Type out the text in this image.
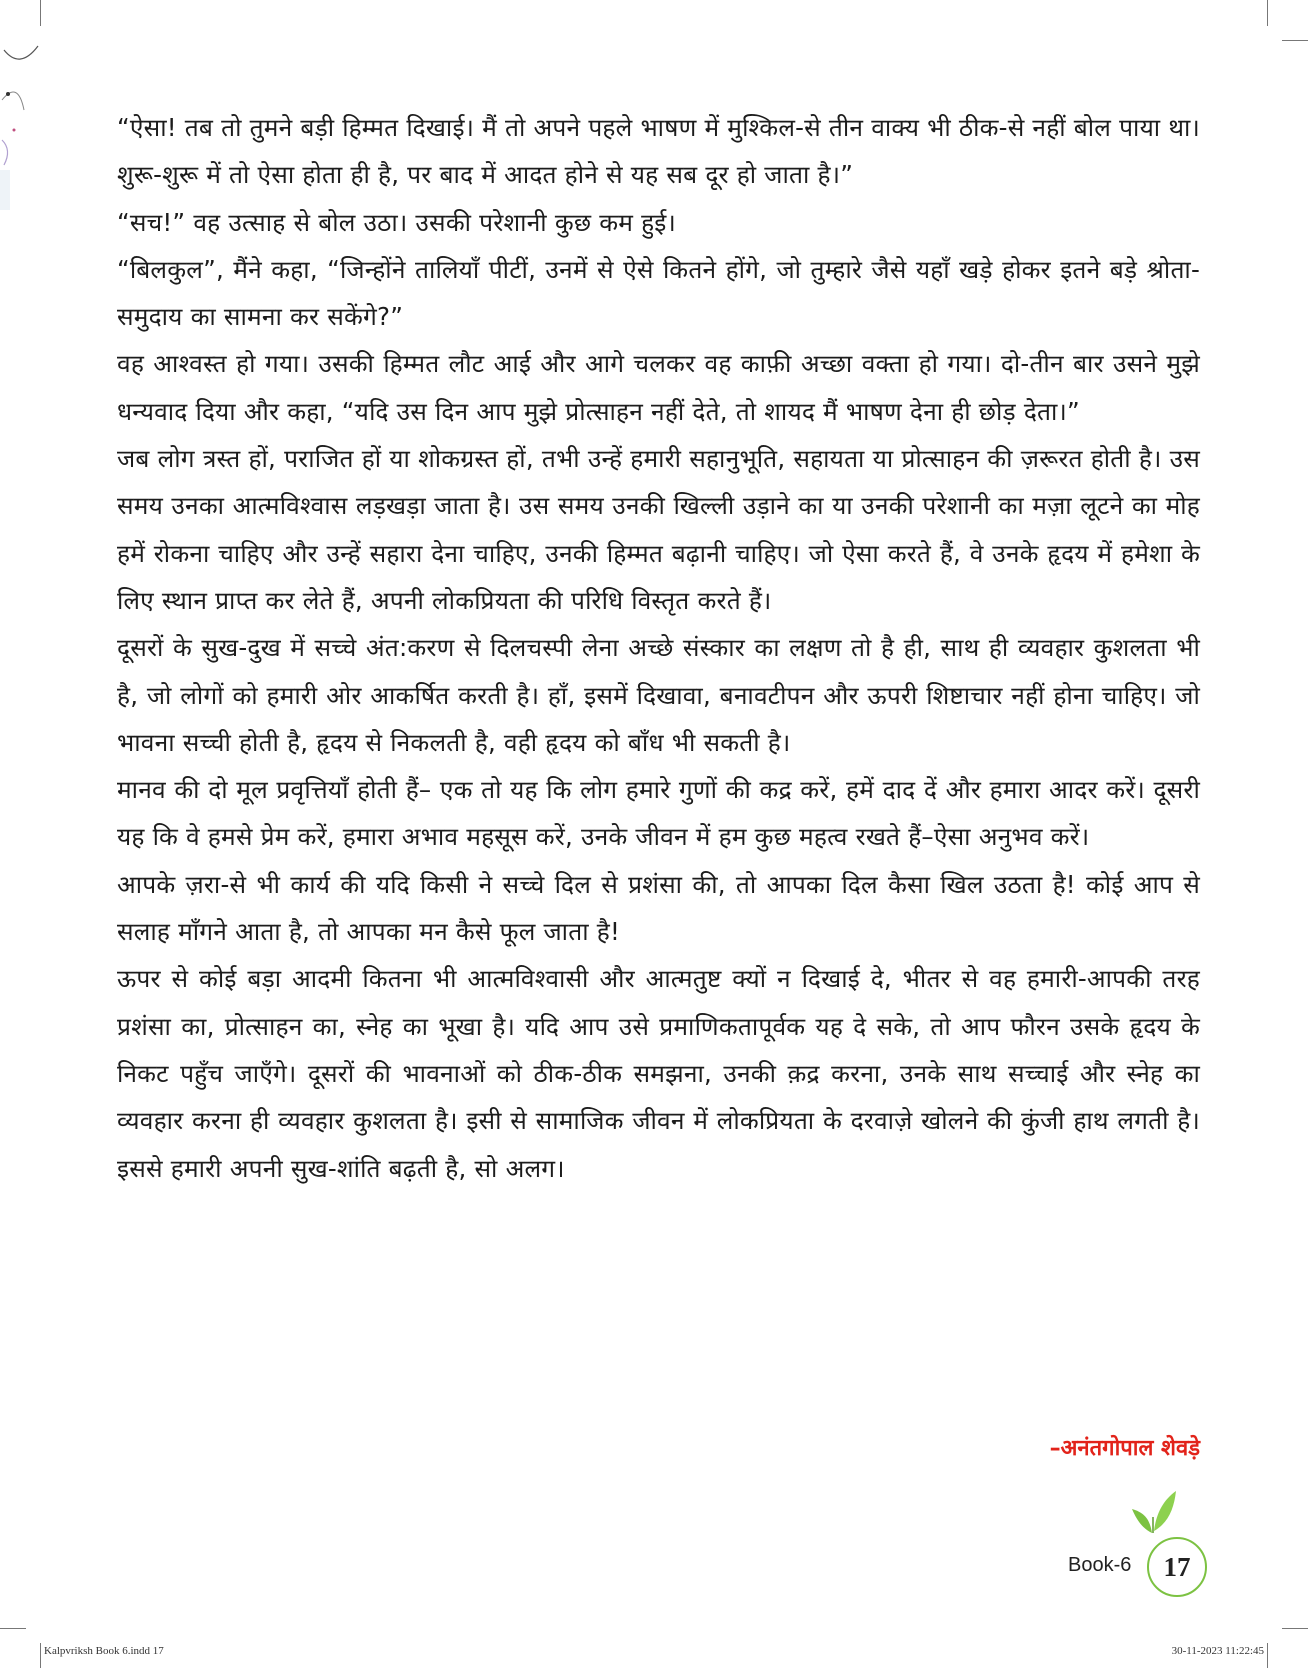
“ऐसा! तब तो तुमने बड़ी हिम्मत दिखाई। मैं तो अपने पहले भाषण में मुश्किल-से तीन वाक्य भी ठीक-से नहीं बोल पाया था। शुरू-शुरू में तो ऐसा होता ही है, पर बाद में आदत होने से यह सब दूर हो जाता है।”

“सच!” वह उत्साह से बोल उठा। उसकी परेशानी कुछ कम हुई।

“बिलकुल”, मैंने कहा, “जिन्होंने तालियाँ पीटीं, उनमें से ऐसे कितने होंगे, जो तुम्हारे जैसे यहाँ खड़े होकर इतने बड़े श्रोता-समुदाय का सामना कर सकेंगे?”

वह आश्वस्त हो गया। उसकी हिम्मत लौट आई और आगे चलकर वह काफ़ी अच्छा वक्ता हो गया। दो-तीन बार उसने मुझे धन्यवाद दिया और कहा, “यदि उस दिन आप मुझे प्रोत्साहन नहीं देते, तो शायद मैं भाषण देना ही छोड़ देता।”

जब लोग त्रस्त हों, पराजित हों या शोकग्रस्त हों, तभी उन्हें हमारी सहानुभूति, सहायता या प्रोत्साहन की ज़रूरत होती है। उस समय उनका आत्मविश्वास लड़खड़ा जाता है। उस समय उनकी खिल्ली उड़ाने का या उनकी परेशानी का मज़ा लूटने का मोह हमें रोकना चाहिए और उन्हें सहारा देना चाहिए, उनकी हिम्मत बढ़ानी चाहिए। जो ऐसा करते हैं, वे उनके हृदय में हमेशा के लिए स्थान प्राप्त कर लेते हैं, अपनी लोकप्रियता की परिधि विस्तृत करते हैं।

दूसरों के सुख-दुख में सच्चे अंत:करण से दिलचस्पी लेना अच्छे संस्कार का लक्षण तो है ही, साथ ही व्यवहार कुशलता भी है, जो लोगों को हमारी ओर आकर्षित करती है। हाँ, इसमें दिखावा, बनावटीपन और ऊपरी शिष्टाचार नहीं होना चाहिए। जो भावना सच्ची होती है, हृदय से निकलती है, वही हृदय को बाँध भी सकती है।

मानव की दो मूल प्रवृत्तियाँ होती हैं– एक तो यह कि लोग हमारे गुणों की कद्र करें, हमें दाद दें और हमारा आदर करें। दूसरी यह कि वे हमसे प्रेम करें, हमारा अभाव महसूस करें, उनके जीवन में हम कुछ महत्व रखते हैं–ऐसा अनुभव करें।

आपके ज़रा-से भी कार्य की यदि किसी ने सच्चे दिल से प्रशंसा की, तो आपका दिल कैसा खिल उठता है! कोई आप से सलाह माँगने आता है, तो आपका मन कैसे फूल जाता है!

ऊपर से कोई बड़ा आदमी कितना भी आत्मविश्वासी और आत्मतुष्ट क्यों न दिखाई दे, भीतर से वह हमारी-आपकी तरह प्रशंसा का, प्रोत्साहन का, स्नेह का भूखा है। यदि आप उसे प्रमाणिकतापूर्वक यह दे सके, तो आप फौरन उसके हृदय के निकट पहुँच जाएँगे। दूसरों की भावनाओं को ठीक-ठीक समझना, उनकी क़द्र करना, उनके साथ सच्चाई और स्नेह का व्यवहार करना ही व्यवहार कुशलता है। इसी से सामाजिक जीवन में लोकप्रियता के दरवाज़े खोलने की कुंजी हाथ लगती है। इससे हमारी अपनी सुख-शांति बढ़ती है, सो अलग।

–अनंतगोपाल शेवड़े
Book-6 17
Kalpvriksh Book 6.indd 17	30-11-2023 11:22:45
